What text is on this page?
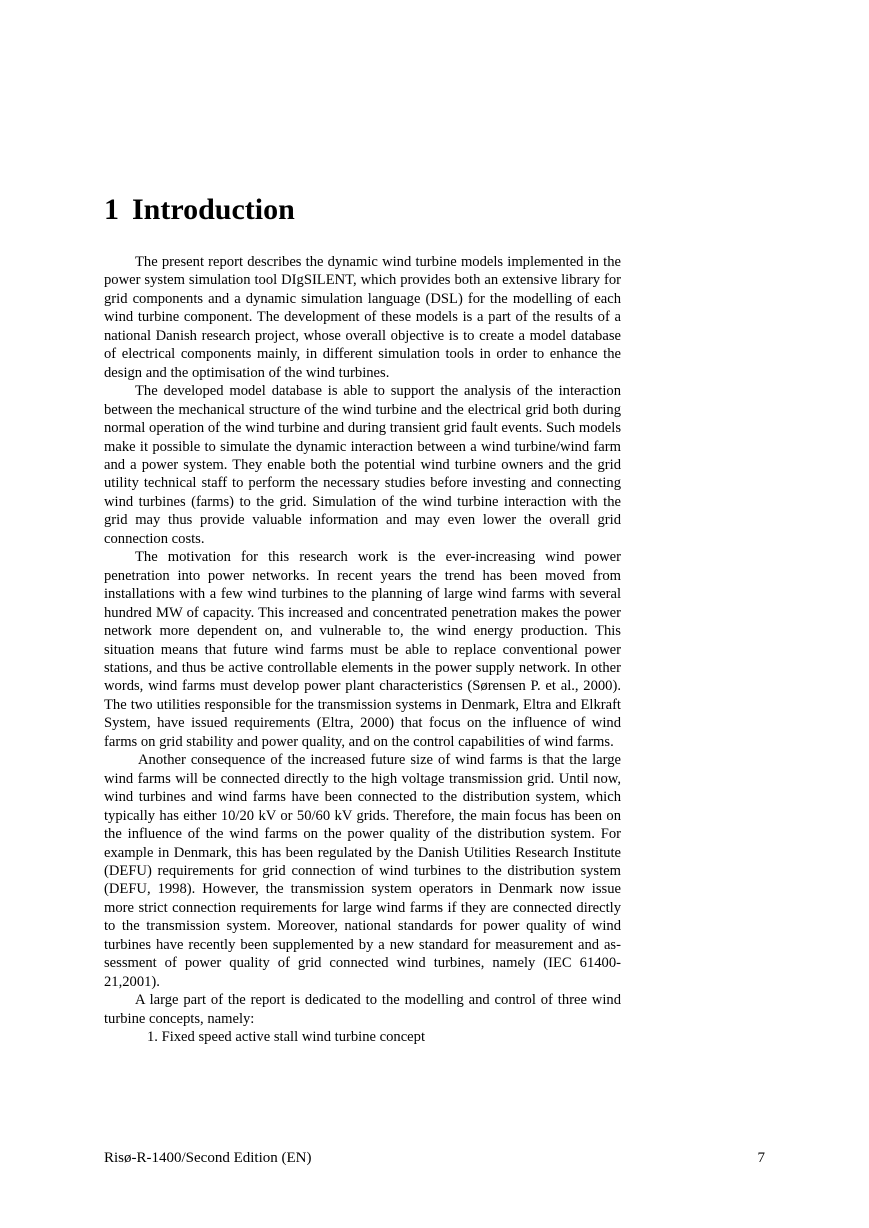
1 Introduction

The present report describes the dynamic wind turbine models implemented in the power system simulation tool DIgSILENT, which provides both an extensive library for grid components and a dynamic simulation language (DSL) for the modelling of each wind turbine component. The development of these models is a part of the results of a national Danish research project, whose overall objective is to create a model database of electrical components mainly, in different simulation tools in order to enhance the design and the optimisation of the wind turbines.

The developed model database is able to support the analysis of the interaction between the mechanical structure of the wind turbine and the electrical grid both during normal operation of the wind turbine and during transient grid fault events. Such models make it possible to simulate the dynamic interaction between a wind turbine/wind farm and a power system. They enable both the potential wind turbine owners and the grid utility technical staff to perform the necessary studies before investing and connecting wind turbines (farms) to the grid. Simulation of the wind turbine interaction with the grid may thus provide valuable information and may even lower the overall grid connection costs.

The motivation for this research work is the ever-increasing wind power penetration into power networks. In recent years the trend has been moved from installations with a few wind turbines to the planning of large wind farms with several hundred MW of capacity. This increased and concentrated penetration makes the power network more dependent on, and vulnerable to, the wind energy production. This situation means that future wind farms must be able to replace conventional power stations, and thus be active controllable elements in the power supply network. In other words, wind farms must develop power plant characteristics (Sørensen P. et al., 2000). The two utilities responsible for the transmission systems in Denmark, Eltra and Elkraft System, have issued requirements (Eltra, 2000) that focus on the influence of wind farms on grid stability and power quality, and on the control capabilities of wind farms.

Another consequence of the increased future size of wind farms is that the large wind farms will be connected directly to the high voltage transmission grid. Until now, wind turbines and wind farms have been connected to the distribution system, which typically has either 10/20 kV or 50/60 kV grids. Therefore, the main focus has been on the influence of the wind farms on the power quality of the distribution system. For example in Denmark, this has been regulated by the Danish Utilities Research Institute (DEFU) requirements for grid connection of wind turbines to the distribution system (DEFU, 1998). However, the transmission system operators in Denmark now issue more strict connection requirements for large wind farms if they are connected directly to the transmission system. Moreover, national standards for power quality of wind turbines have recently been supplemented by a new standard for measurement and assessment of power quality of grid connected wind turbines, namely (IEC 61400-21,2001).

A large part of the report is dedicated to the modelling and control of three wind turbine concepts, namely:

1. Fixed speed active stall wind turbine concept
Risø-R-1400/Second Edition (EN)	7
